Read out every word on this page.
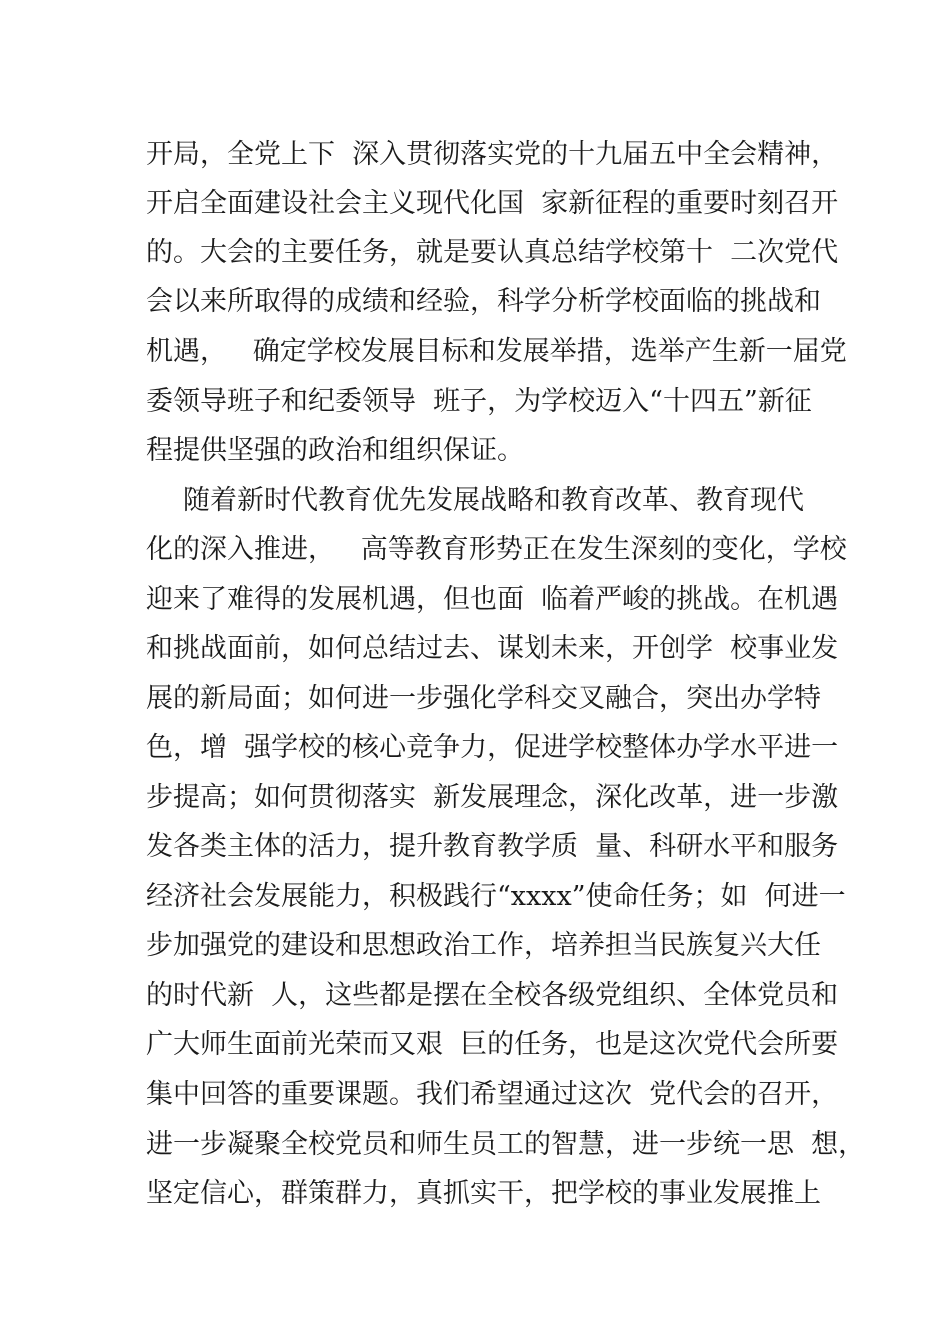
开局，全党上下  深入贯彻落实党的十九届五中全会精神，
开启全面建设社会主义现代化国  家新征程的重要时刻召开
的。大会的主要任务，就是要认真总结学校第十  二次党代
会以来所取得的成绩和经验，科学分析学校面临的挑战和
机遇，   确定学校发展目标和发展举措，选举产生新一届党
委领导班子和纪委领导  班子，为学校迈入“十四五”新征
程提供坚强的政治和组织保证。
随着新时代教育优先发展战略和教育改革、教育现代
化的深入推进，   高等教育形势正在发生深刻的变化，学校
迎来了难得的发展机遇，但也面  临着严峻的挑战。在机遇
和挑战面前，如何总结过去、谋划未来，开创学  校事业发
展的新局面；如何进一步强化学科交叉融合，突出办学特
色，增  强学校的核心竞争力，促进学校整体办学水平进一
步提高；如何贯彻落实  新发展理念，深化改革，进一步激
发各类主体的活力，提升教育教学质  量、科研水平和服务
经济社会发展能力，积极践行“xxxx”使命任务；如  何进一
步加强党的建设和思想政治工作，培养担当民族复兴大任
的时代新  人，这些都是摆在全校各级党组织、全体党员和
广大师生面前光荣而又艰  巨的任务，也是这次党代会所要
集中回答的重要课题。我们希望通过这次  党代会的召开，
进一步凝聚全校党员和师生员工的智慧，进一步统一思  想，
坚定信心，群策群力，真抓实干，把学校的事业发展推上
